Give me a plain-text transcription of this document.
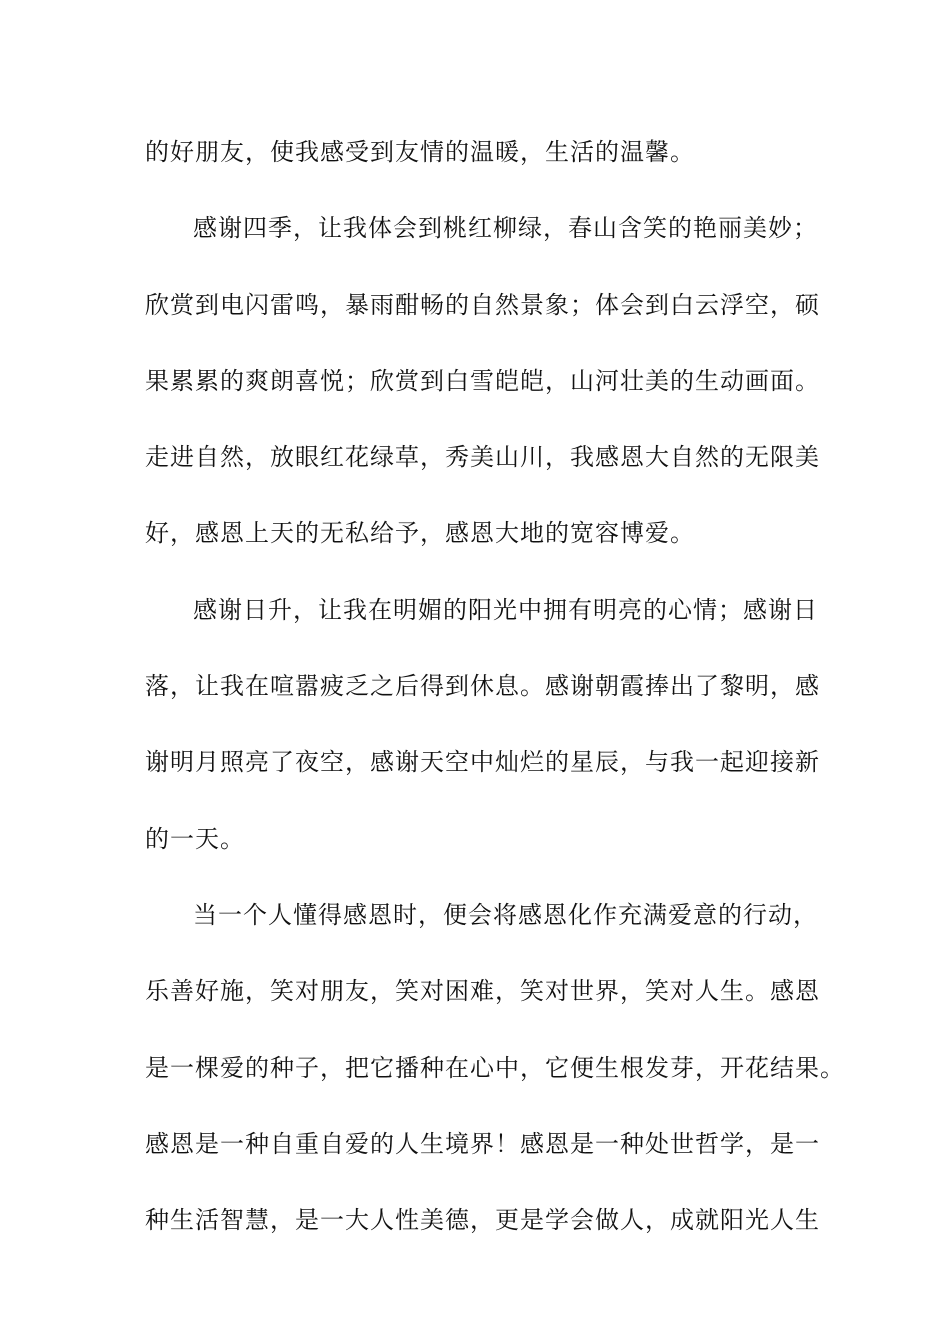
的好朋友，使我感受到友情的温暖，生活的温馨。
感谢四季，让我体会到桃红柳绿，春山含笑的艳丽美妙；
欣赏到电闪雷鸣，暴雨酣畅的自然景象；体会到白云浮空，硕
果累累的爽朗喜悦；欣赏到白雪皑皑，山河壮美的生动画面。
走进自然，放眼红花绿草，秀美山川，我感恩大自然的无限美
好，感恩上天的无私给予，感恩大地的宽容博爱。
感谢日升，让我在明媚的阳光中拥有明亮的心情；感谢日
落，让我在喧嚣疲乏之后得到休息。感谢朝霞捧出了黎明，感
谢明月照亮了夜空，感谢天空中灿烂的星辰，与我一起迎接新
的一天。
当一个人懂得感恩时，便会将感恩化作充满爱意的行动，
乐善好施，笑对朋友，笑对困难，笑对世界，笑对人生。感恩
是一棵爱的种子，把它播种在心中，它便生根发芽，开花结果。
感恩是一种自重自爱的人生境界！感恩是一种处世哲学，是一
种生活智慧，是一大人性美德，更是学会做人，成就阳光人生
